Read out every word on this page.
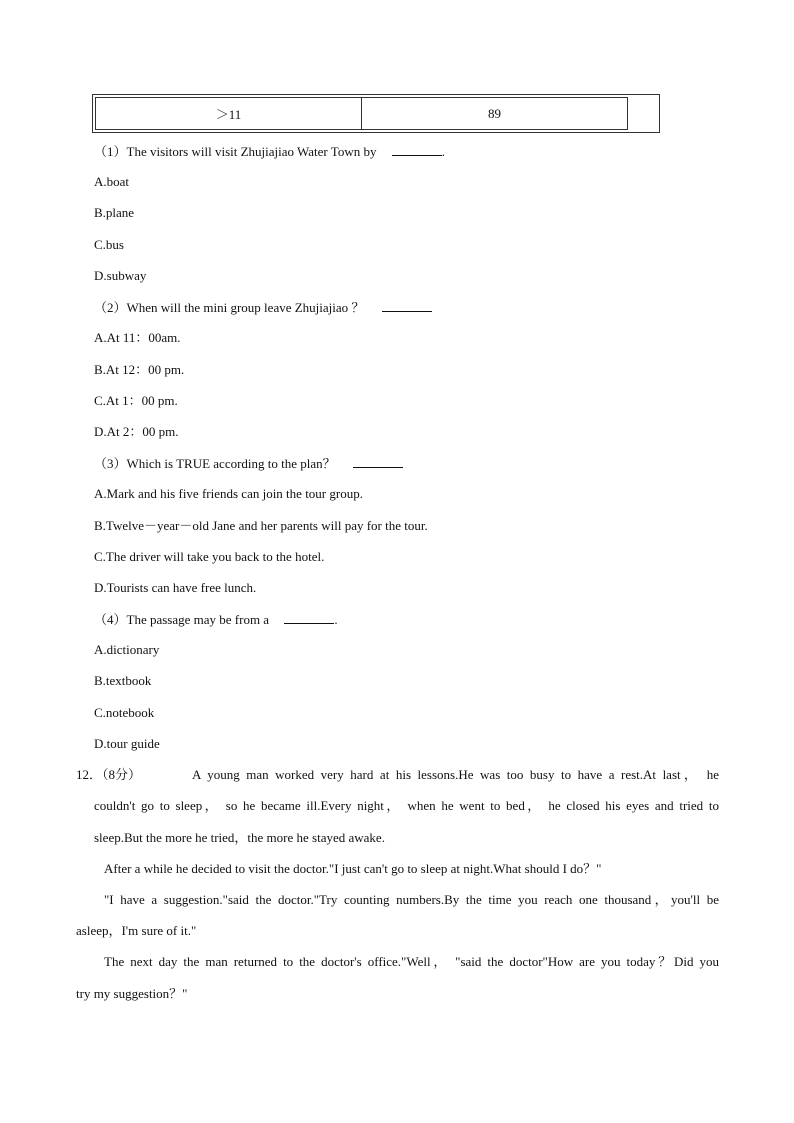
＞11	89
（1）The visitors will visit Zhujiajiao Water Town by	.
A.boat
B.plane
C.bus
D.subway
（2）When will the mini group leave Zhujiajiao ？
A.At 11：00am.
B.At 12：00 pm.
C.At 1：00 pm.
D.At 2：00 pm.
（3）Which is TRUE according to the plan？
A.Mark and his five friends can join the tour group.
B.Twelve－year－old Jane and her parents will pay for the tour.
C.The driver will take you back to the hotel.
D.Tourists can have free lunch.
（4）The passage may be from a	.
A.dictionary
B.textbook
C.notebook
D.tour guide
12．（8分）	A young man worked very hard at his lessons.He was too busy to have a rest.At last， he
couldn't go to sleep， so he became ill.Every night， when he went to bed， he closed his eyes and tried to
sleep.But the more he tried，the more he stayed awake.
After a while he decided to visit the doctor."I just can't go to sleep at night.What should I do？"
"I have a suggestion."said the doctor."Try counting numbers.By the time you reach one thousand，you'll be
asleep，I'm sure of it."
The next day the man returned to the doctor's office."Well， "said the doctor"How are you today？Did you
try my suggestion？"
